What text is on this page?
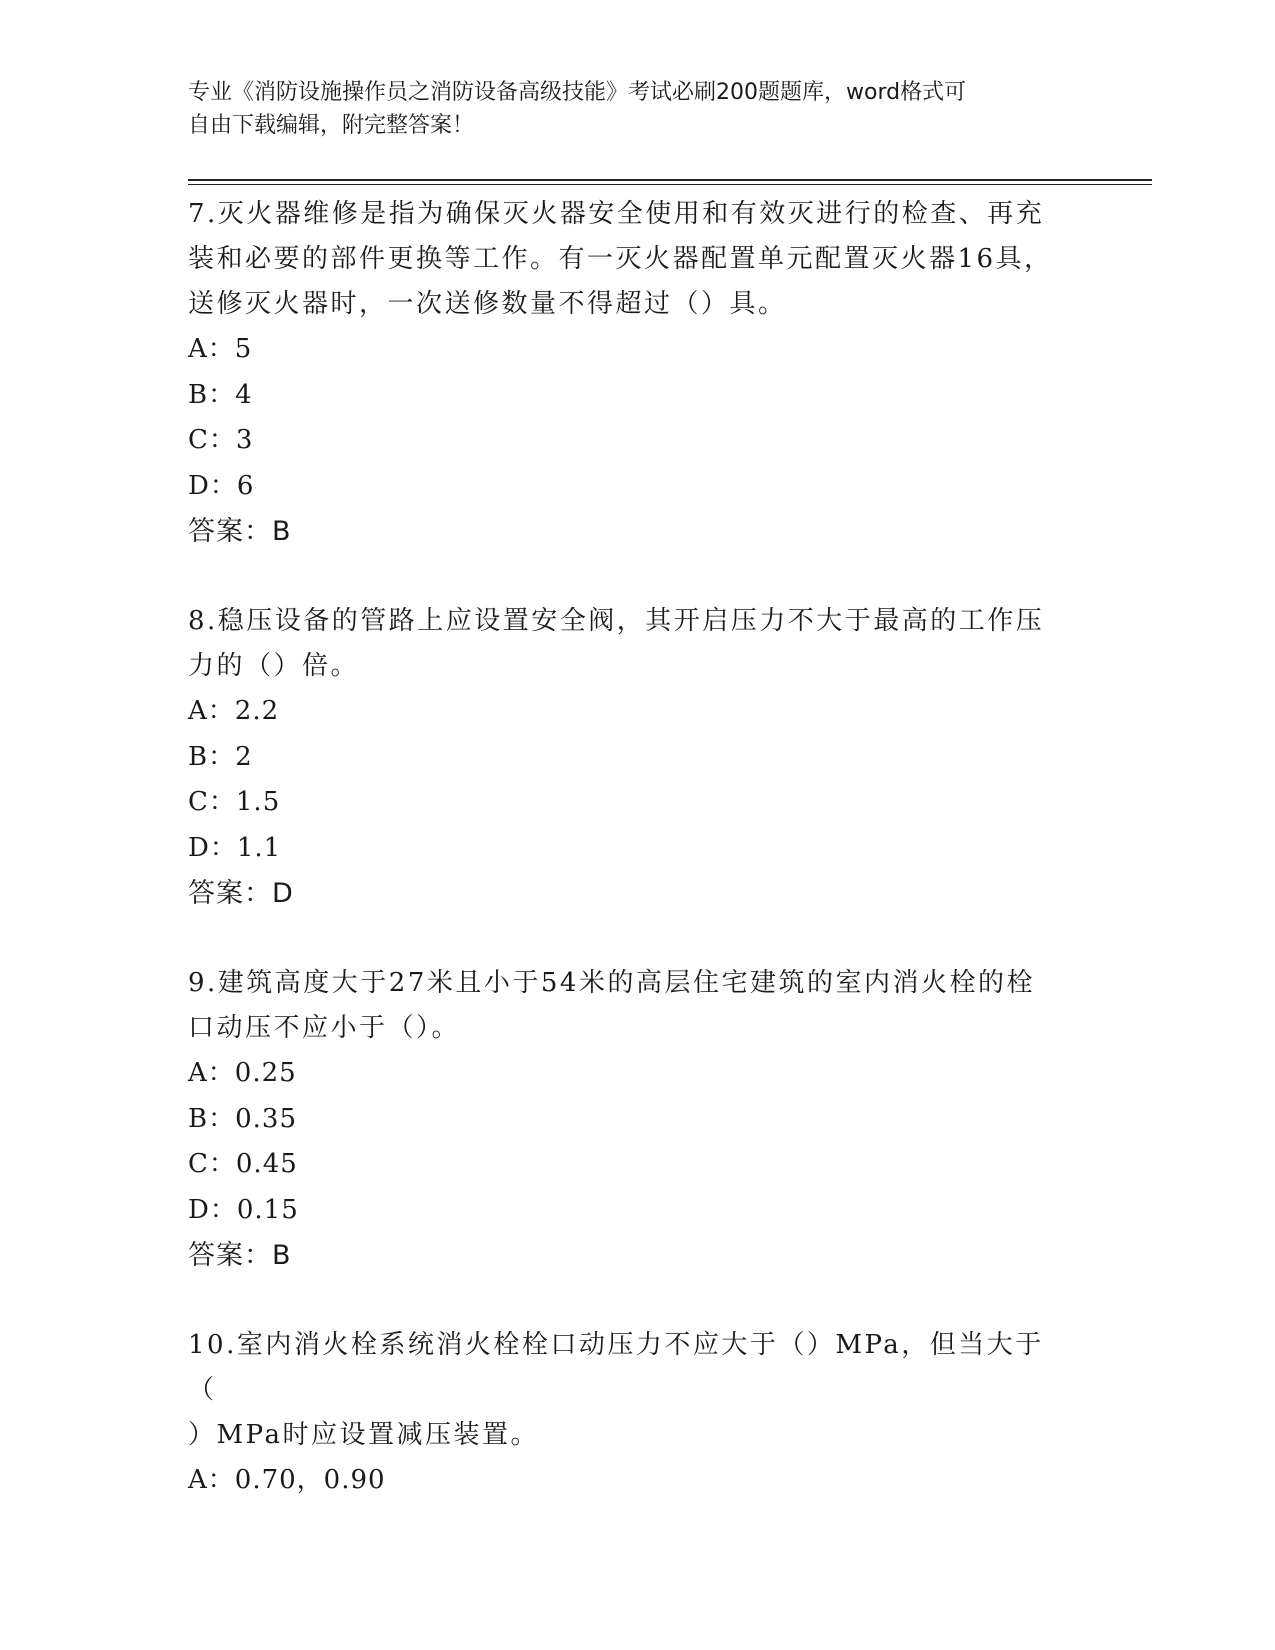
专业《消防设施操作员之消防设备高级技能》考试必刷200题题库，word格式可
自由下载编辑，附完整答案！
7.灭火器维修是指为确保灭火器安全使用和有效灭进行的检查、再充
装和必要的部件更换等工作。有一灭火器配置单元配置灭火器16具，
送修灭火器时，一次送修数量不得超过（）具。
A：5
B：4
C：3
D：6
答案：B
8.稳压设备的管路上应设置安全阀，其开启压力不大于最高的工作压
力的（）倍。
A：2.2
B：2
C：1.5
D：1.1
答案：D
9.建筑高度大于27米且小于54米的高层住宅建筑的室内消火栓的栓
口动压不应小于（）。
A：0.25
B：0.35
C：0.45
D：0.15
答案：B
10.室内消火栓系统消火栓栓口动压力不应大于（）MPa，但当大于（
）MPa时应设置减压装置。
A：0.70，0.90
